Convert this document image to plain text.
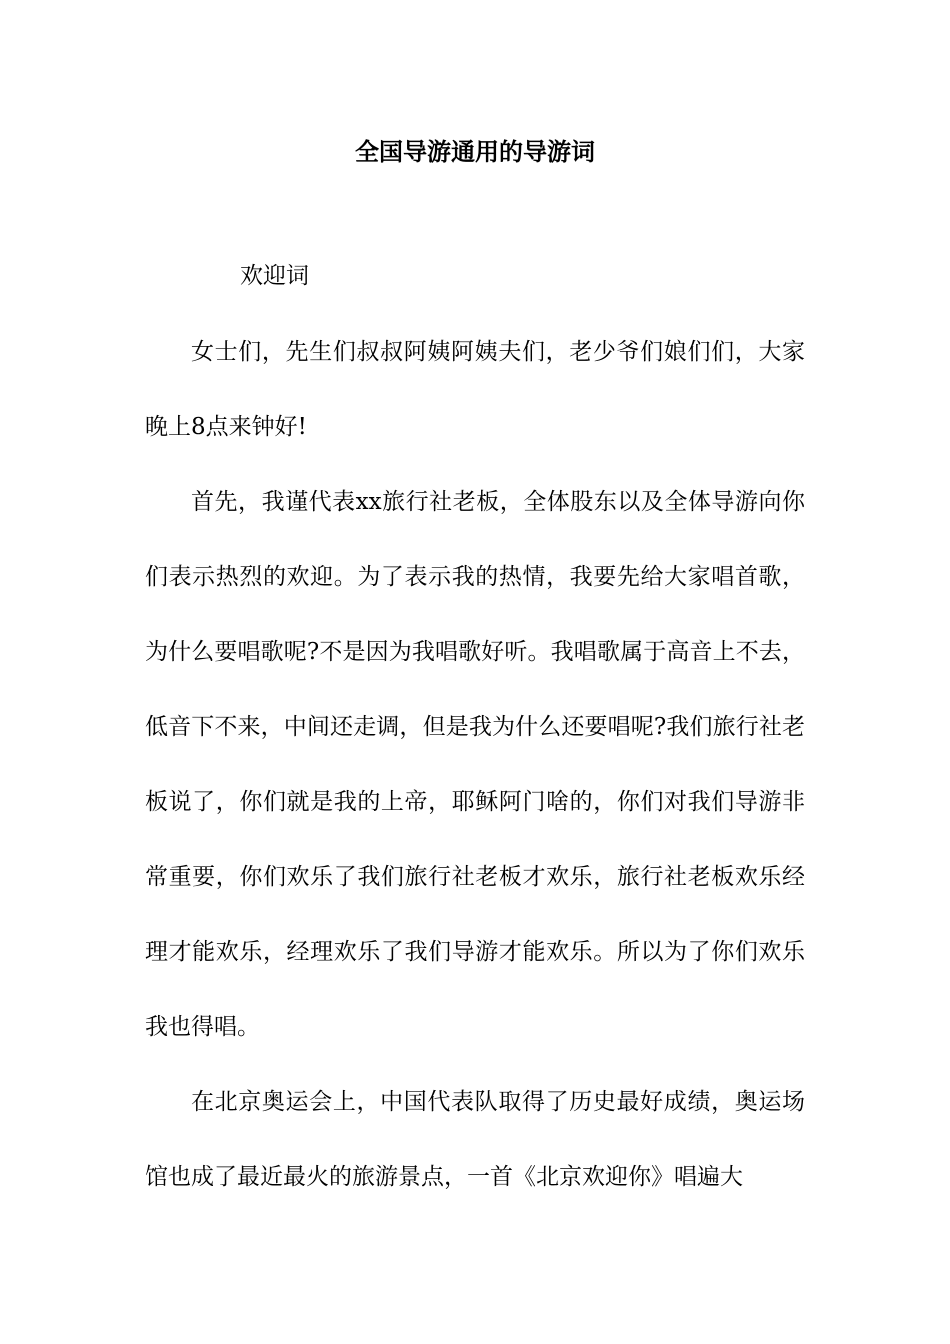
全国导游通用的导游词
欢迎词

女士们，先生们叔叔阿姨阿姨夫们，老少爷们娘们们，大家晚上8点来钟好!

首先，我谨代表xx旅行社老板，全体股东以及全体导游向你们表示热烈的欢迎。为了表示我的热情，我要先给大家唱首歌，为什么要唱歌呢?不是因为我唱歌好听。我唱歌属于高音上不去，低音下不来，中间还走调，但是我为什么还要唱呢?我们旅行社老板说了，你们就是我的上帝，耶稣阿门啥的，你们对我们导游非常重要，你们欢乐了我们旅行社老板才欢乐，旅行社老板欢乐经理才能欢乐，经理欢乐了我们导游才能欢乐。所以为了你们欢乐我也得唱。

在北京奥运会上，中国代表队取得了历史最好成绩，奥运场馆也成了最近最火的旅游景点，一首《北京欢迎你》唱遍大
